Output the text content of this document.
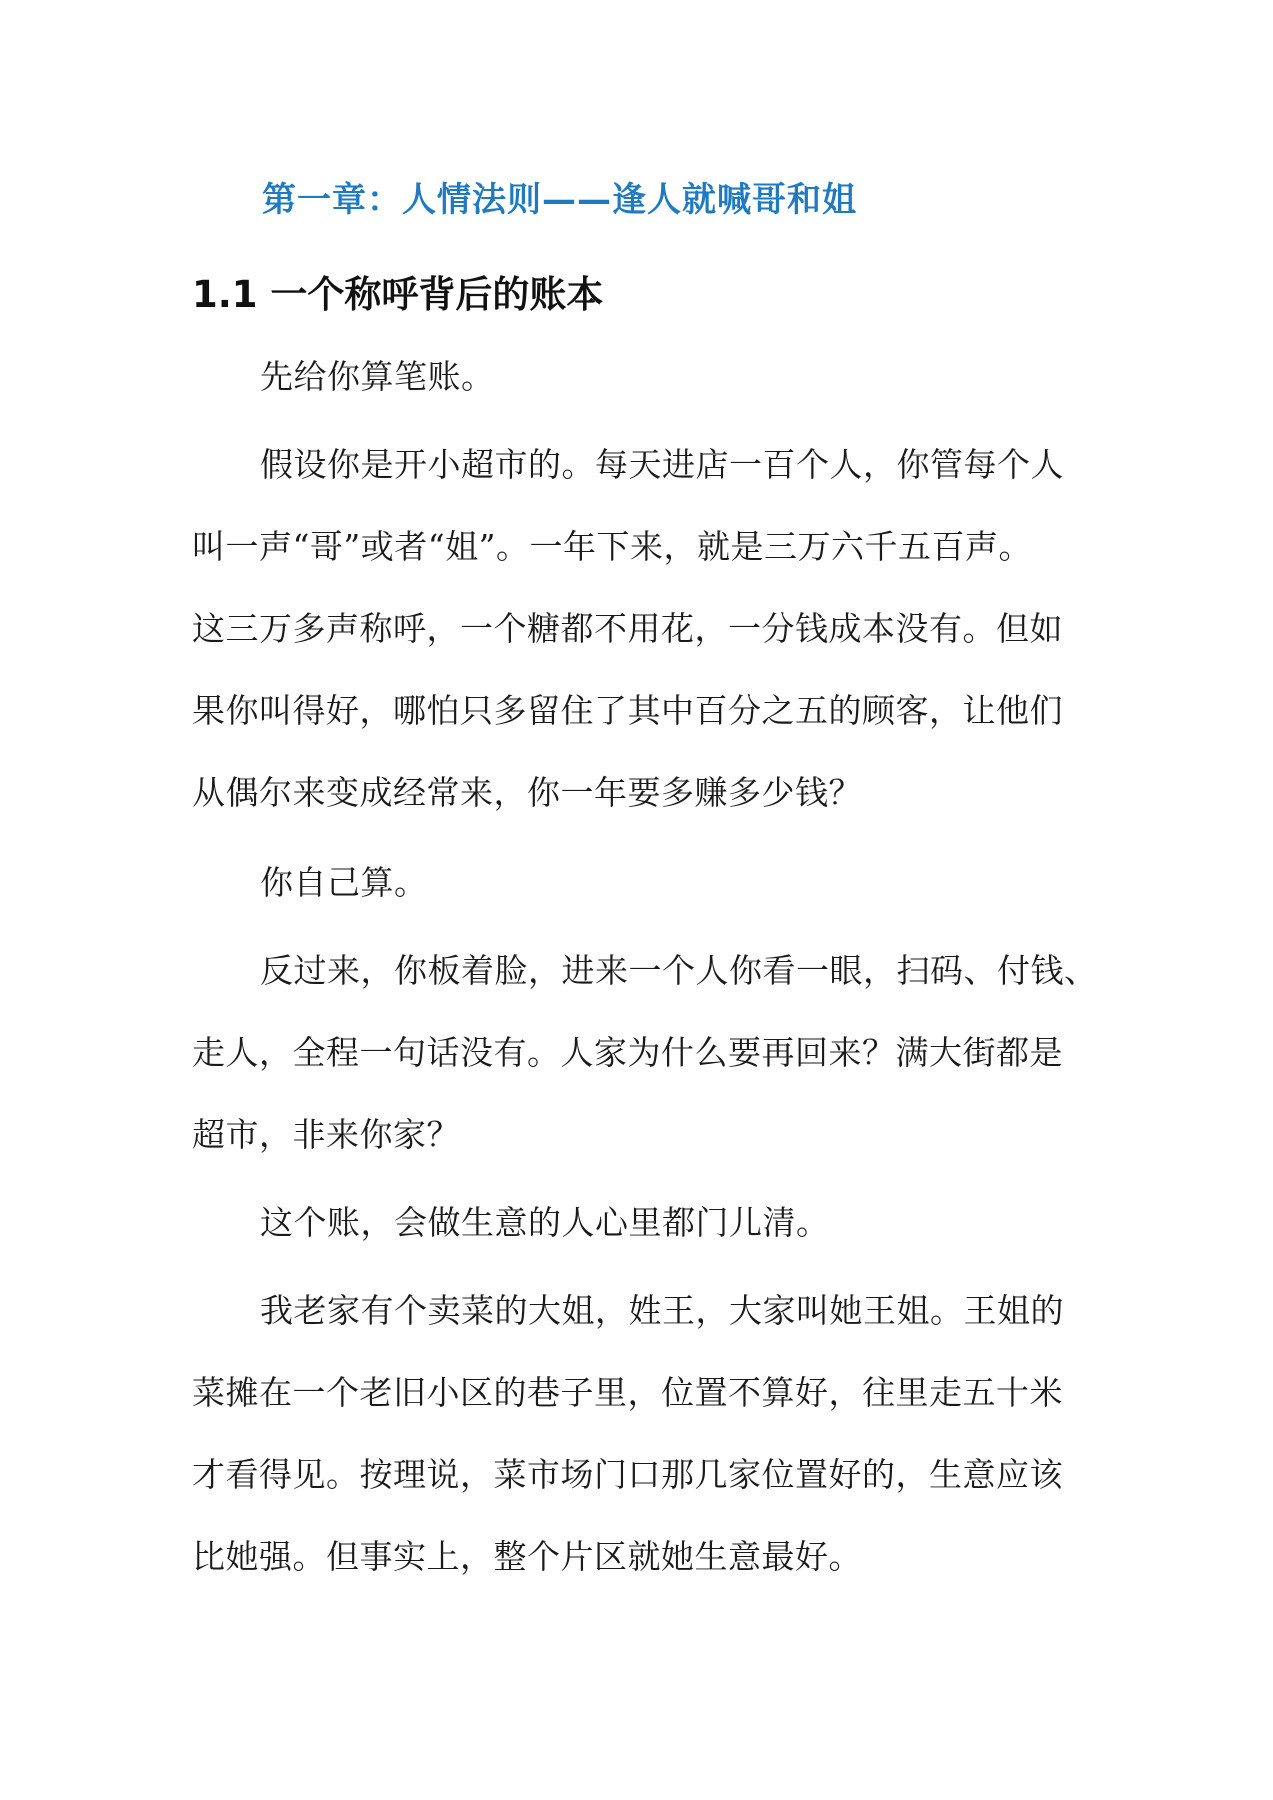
第一章：人情法则——逢人就喊哥和姐
1.1 一个称呼背后的账本

先给你算笔账。

假设你是开小超市的。每天进店一百个人，你管每个人
叫一声“哥”或者“姐”。一年下来，就是三万六千五百声。
这三万多声称呼，一个糖都不用花，一分钱成本没有。但如
果你叫得好，哪怕只多留住了其中百分之五的顾客，让他们
从偶尔来变成经常来，你一年要多赚多少钱？

你自己算。

反过来，你板着脸，进来一个人你看一眼，扫码、付钱、
走人，全程一句话没有。人家为什么要再回来？满大街都是
超市，非来你家？

这个账，会做生意的人心里都门儿清。

我老家有个卖菜的大姐，姓王，大家叫她王姐。王姐的
菜摊在一个老旧小区的巷子里，位置不算好，往里走五十米
才看得见。按理说，菜市场门口那几家位置好的，生意应该
比她强。但事实上，整个片区就她生意最好。
